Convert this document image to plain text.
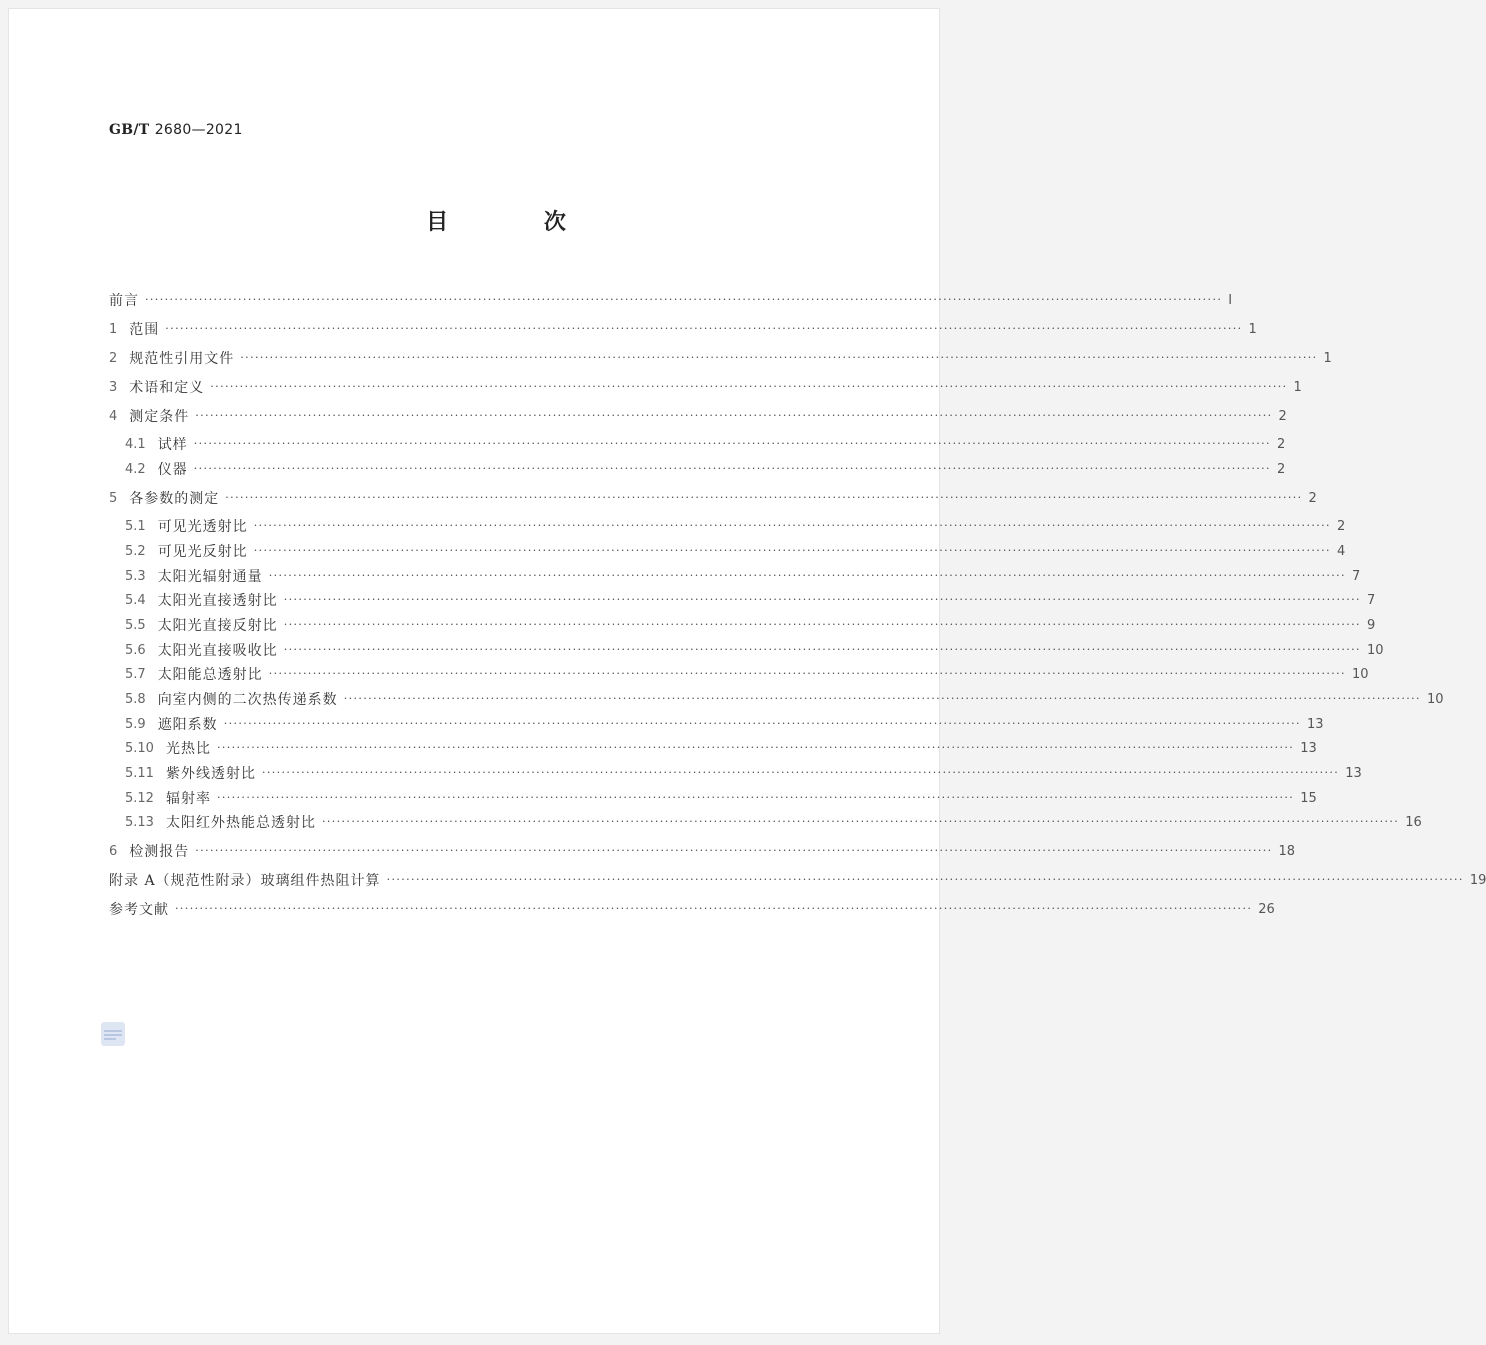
GB/T 2680—2021
目 次
前言 ···························································································································································································································· I
1 范围 ···························································································································································································································· 1
2 规范性引用文件 ···························································································································································································································· 1
3 术语和定义 ···························································································································································································································· 1
4 测定条件 ···························································································································································································································· 2
4.1 试样 ···························································································································································································································· 2
4.2 仪器 ···························································································································································································································· 2
5 各参数的测定 ···························································································································································································································· 2
5.1 可见光透射比 ···························································································································································································································· 2
5.2 可见光反射比 ···························································································································································································································· 4
5.3 太阳光辐射通量 ···························································································································································································································· 7
5.4 太阳光直接透射比 ···························································································································································································································· 7
5.5 太阳光直接反射比 ···························································································································································································································· 9
5.6 太阳光直接吸收比 ···························································································································································································································· 10
5.7 太阳能总透射比 ···························································································································································································································· 10
5.8 向室内侧的二次热传递系数 ···························································································································································································································· 10
5.9 遮阳系数 ···························································································································································································································· 13
5.10 光热比 ···························································································································································································································· 13
5.11 紫外线透射比 ···························································································································································································································· 13
5.12 辐射率 ···························································································································································································································· 15
5.13 太阳红外热能总透射比 ···························································································································································································································· 16
6 检测报告 ···························································································································································································································· 18
附录 A（规范性附录）玻璃组件热阻计算 ···························································································································································································································· 19
参考文献 ···························································································································································································································· 26
